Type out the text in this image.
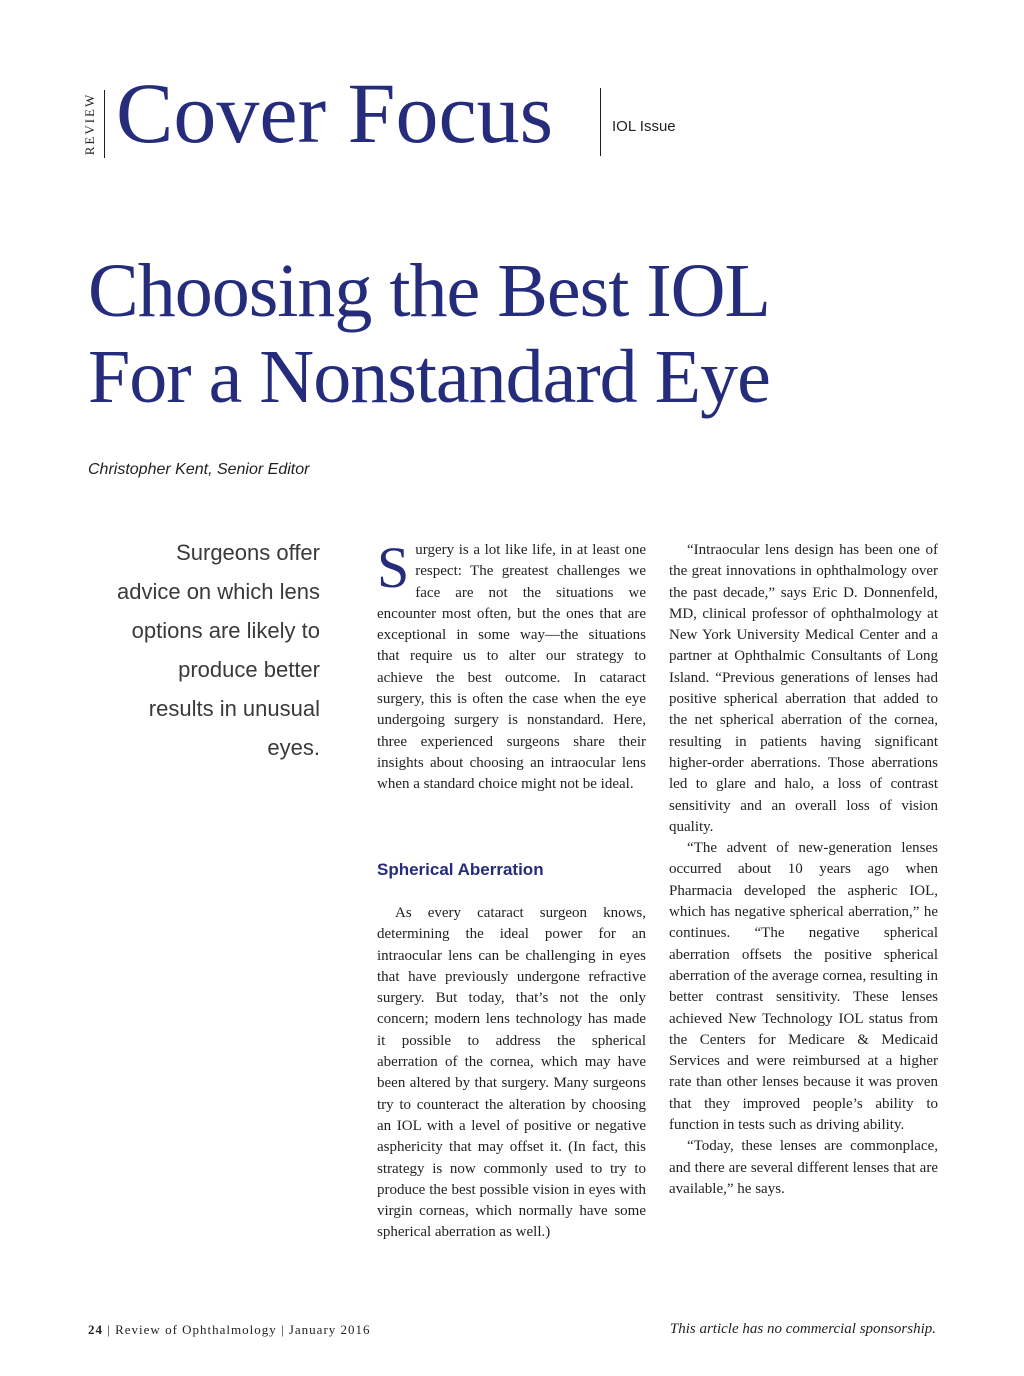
REVIEW Cover Focus	IOL Issue
Choosing the Best IOL
For a Nonstandard Eye
Christopher Kent, Senior Editor
Surgeons offer advice on which lens options are likely to produce better results in unusual eyes.

Surgery is a lot like life, in at least one respect: The greatest challenges we face are not the situations we encounter most often, but the ones that are exceptional in some way—the situations that require us to alter our strategy to achieve the best outcome. In cataract surgery, this is often the case when the eye undergoing surgery is nonstandard. Here, three experienced surgeons share their insights about choosing an intraocular lens when a standard choice might not be ideal.

Spherical Aberration

As every cataract surgeon knows, determining the ideal power for an intraocular lens can be challenging in eyes that have previously undergone refractive surgery. But today, that’s not the only concern; modern lens technology has made it possible to address the spherical aberration of the cornea, which may have been altered by that surgery. Many surgeons try to counteract the alteration by choosing an IOL with a level of positive or negative asphericity that may offset it. (In fact, this strategy is now commonly used to try to produce the best possible vision in eyes with virgin corneas, which normally have some spherical aberration as well.)

“Intraocular lens design has been one of the great innovations in ophthalmology over the past decade,” says Eric D. Donnenfeld, MD, clinical professor of ophthalmology at New York University Medical Center and a partner at Ophthalmic Consultants of Long Island. “Previous generations of lenses had positive spherical aberration that added to the net spherical aberration of the cornea, resulting in patients having significant higher-order aberrations. Those aberrations led to glare and halo, a loss of contrast sensitivity and an overall loss of vision quality.

“The advent of new-generation lenses occurred about 10 years ago when Pharmacia developed the aspheric IOL, which has negative spherical aberration,” he continues. “The negative spherical aberration offsets the positive spherical aberration of the average cornea, resulting in better contrast sensitivity. These lenses achieved New Technology IOL status from the Centers for Medicare & Medicaid Services and were reimbursed at a higher rate than other lenses because it was proven that they improved people’s ability to function in tests such as driving ability.

“Today, these lenses are commonplace, and there are several different lenses that are available,” he says.

24 | Review of Ophthalmology | January 2016	This article has no commercial sponsorship.
